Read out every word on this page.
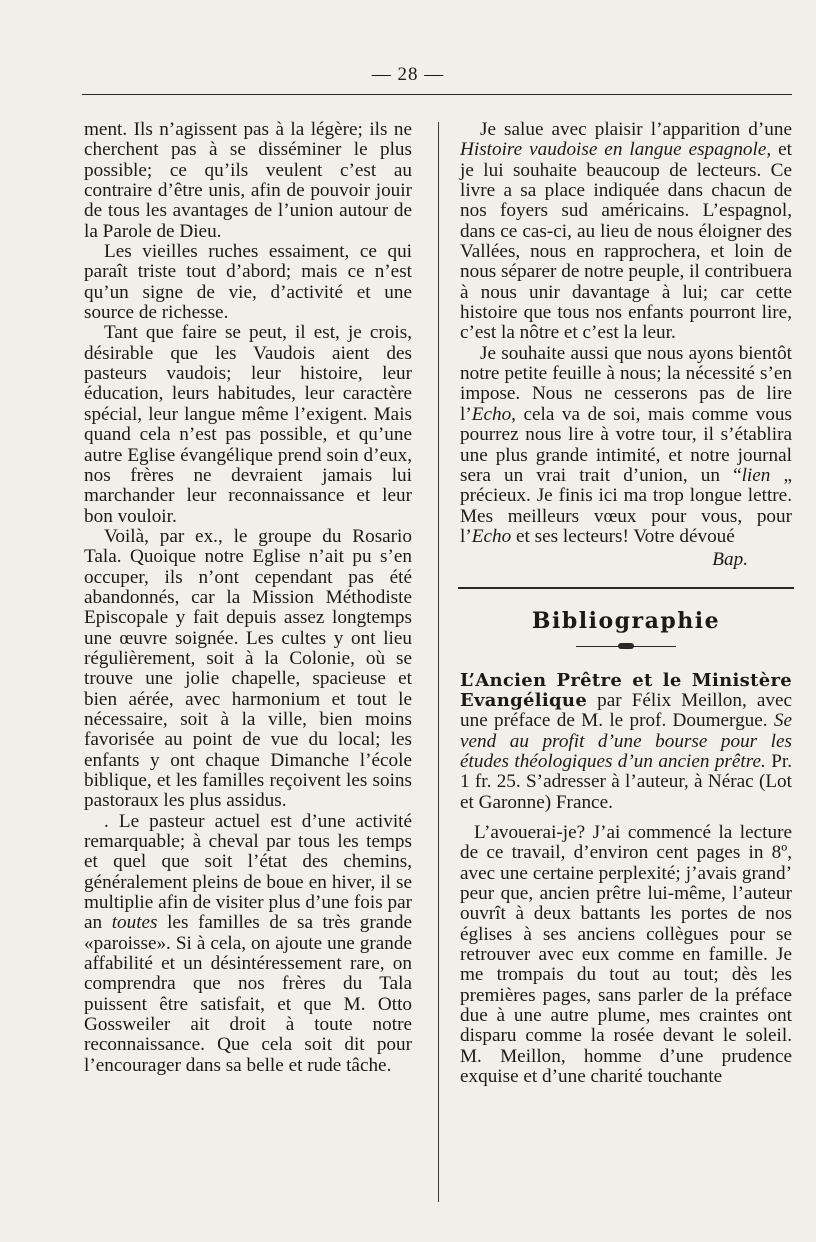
— 28 —

ment. Ils n’agissent pas à la légère; ils ne cherchent pas à se disséminer le plus possible; ce qu’ils veulent c’est au contraire d’être unis, afin de pouvoir jouir de tous les avantages de l’union autour de la Parole de Dieu.

Les vieilles ruches essaiment, ce qui paraît triste tout d’abord; mais ce n’est qu’un signe de vie, d’activité et une source de richesse.

Tant que faire se peut, il est, je crois, désirable que les Vaudois aient des pasteurs vaudois; leur histoire, leur éducation, leurs habitudes, leur caractère spécial, leur langue même l’exigent. Mais quand cela n’est pas possible, et qu’une autre Eglise évangélique prend soin d’eux, nos frères ne devraient jamais lui marchander leur reconnaissance et leur bon vouloir.

Voilà, par ex., le groupe du Rosario Tala. Quoique notre Eglise n’ait pu s’en occuper, ils n’ont cependant pas été abandonnés, car la Mission Méthodiste Episcopale y fait depuis assez longtemps une œuvre soignée. Les cultes y ont lieu régulièrement, soit à la Colonie, où se trouve une jolie chapelle, spacieuse et bien aérée, avec harmonium et tout le nécessaire, soit à la ville, bien moins favorisée au point de vue du local; les enfants y ont chaque Dimanche l’école biblique, et les familles reçoivent les soins pastoraux les plus assidus.

. Le pasteur actuel est d’une activité remarquable; à cheval par tous les temps et quel que soit l’état des chemins, généralement pleins de boue en hiver, il se multiplie afin de visiter plus d’une fois par an toutes les familles de sa très grande «paroisse». Si à cela, on ajoute une grande affabilité et un désintéressement rare, on comprendra que nos frères du Tala puissent être satisfait, et que M. Otto Gossweiler ait droit à toute notre reconnaissance. Que cela soit dit pour l’encourager dans sa belle et rude tâche.

Je salue avec plaisir l’apparition d’une Histoire vaudoise en langue espagnole, et je lui souhaite beaucoup de lecteurs. Ce livre a sa place indiquée dans chacun de nos foyers sud américains. L’espagnol, dans ce cas-ci, au lieu de nous éloigner des Vallées, nous en rapprochera, et loin de nous séparer de notre peuple, il contribuera à nous unir davantage à lui; car cette histoire que tous nos enfants pourront lire, c’est la nôtre et c’est la leur.

Je souhaite aussi que nous ayons bientôt notre petite feuille à nous; la nécessité s’en impose. Nous ne cesserons pas de lire l’Echo, cela va de soi, mais comme vous pourrez nous lire à votre tour, il s’établira une plus grande intimité, et notre journal sera un vrai trait d’union, un “lien „ précieux. Je finis ici ma trop longue lettre. Mes meilleurs vœux pour vous, pour l’Echo et ses lecteurs! Votre dévoué

Bap.

Bibliographie

L’Ancien Prêtre et le Ministère Evangélique par Félix Meillon, avec une préface de M. le prof. Doumergue. Se vend au profit d’une bourse pour les études théologiques d’un ancien prêtre. Pr. 1 fr. 25. S’adresser à l’auteur, à Nérac (Lot et Garonne) France.

L’avouerai-je? J’ai commencé la lecture de ce travail, d’environ cent pages in 8º, avec une certaine perplexité; j’avais grand’ peur que, ancien prêtre lui-même, l’auteur ouvrît à deux battants les portes de nos églises à ses anciens collègues pour se retrouver avec eux comme en famille. Je me trompais du tout au tout; dès les premières pages, sans parler de la préface due à une autre plume, mes craintes ont disparu comme la rosée devant le soleil. M. Meillon, homme d’une prudence exquise et d’une charité touchante
